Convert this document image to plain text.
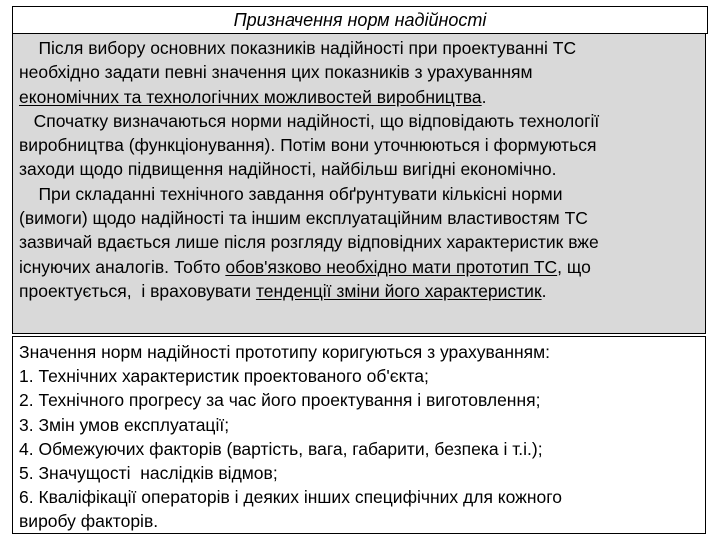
Призначення норм надійності

Після вибору основних показників надійності при проектуванні ТС

необхідно задати певні значення цих показників з урахуванням

економічних та технологічних можливостей виробництва.

Спочатку визначаються норми надійності, що відповідають технології

виробництва (функціонування). Потім вони уточнюються і формуються

заходи щодо підвищення надійності, найбільш вигідні економічно.

При складанні технічного завдання обґрунтувати кількісні норми

(вимоги) щодо надійності та іншим експлуатаційним властивостям ТС

зазвичай вдається лише після розгляду відповідних характеристик вже

існуючих аналогів. Тобто обов'язково необхідно мати прототип ТС, що

проектується,  і враховувати тенденції зміни його характеристик.

Значення норм надійності прототипу коригуються з урахуванням:

1. Технічних характеристик проектованого об'єкта;

2. Технічного прогресу за час його проектування і виготовлення;

3. Змін умов експлуатації;

4. Обмежуючих факторів (вартість, вага, габарити, безпека і т.і.);

5. Значущості  наслідків відмов;

6. Кваліфікації операторів і деяких інших специфічних для кожного

виробу факторів.
